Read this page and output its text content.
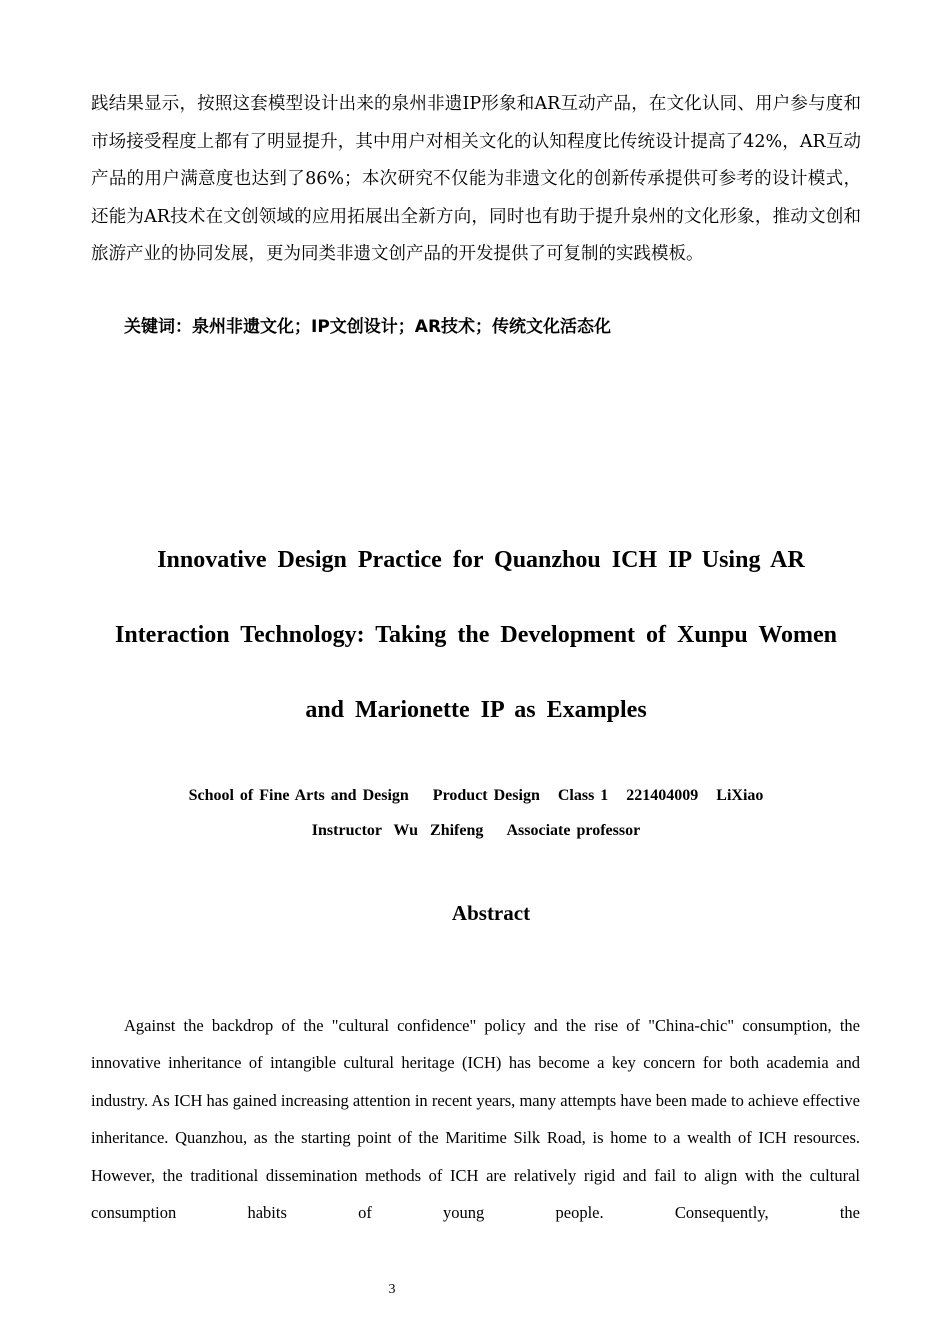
践结果显示，按照这套模型设计出来的泉州非遗IP形象和AR互动产品，在文化认同、用户参与度和市场接受程度上都有了明显提升，其中用户对相关文化的认知程度比传统设计提高了42%，AR互动产品的用户满意度也达到了86%；本次研究不仅能为非遗文化的创新传承提供可参考的设计模式，还能为AR技术在文创领域的应用拓展出全新方向，同时也有助于提升泉州的文化形象，推动文创和旅游产业的协同发展，更为同类非遗文创产品的开发提供了可复制的实践模板。

关键词：泉州非遗文化；IP文创设计；AR技术；传统文化活态化
Innovative Design Practice for Quanzhou ICH IP Using AR
Interaction Technology: Taking the Development of Xunpu Women
and Marionette IP as Examples
School of Fine Arts and Design    Product Design   Class 1   221404009   LiXiao
Instructor  Wu  Zhifeng    Associate professor
Abstract

Against the backdrop of the "cultural confidence" policy and the rise of "China-chic" consumption, the innovative inheritance of intangible cultural heritage (ICH) has become a key concern for both academia and industry. As ICH has gained increasing attention in recent years, many attempts have been made to achieve effective inheritance. Quanzhou, as the starting point of the Maritime Silk Road, is home to a wealth of ICH resources. However, the traditional dissemination methods of ICH are relatively rigid and fail to align with the cultural consumption habits of young people. Consequently, the

3
